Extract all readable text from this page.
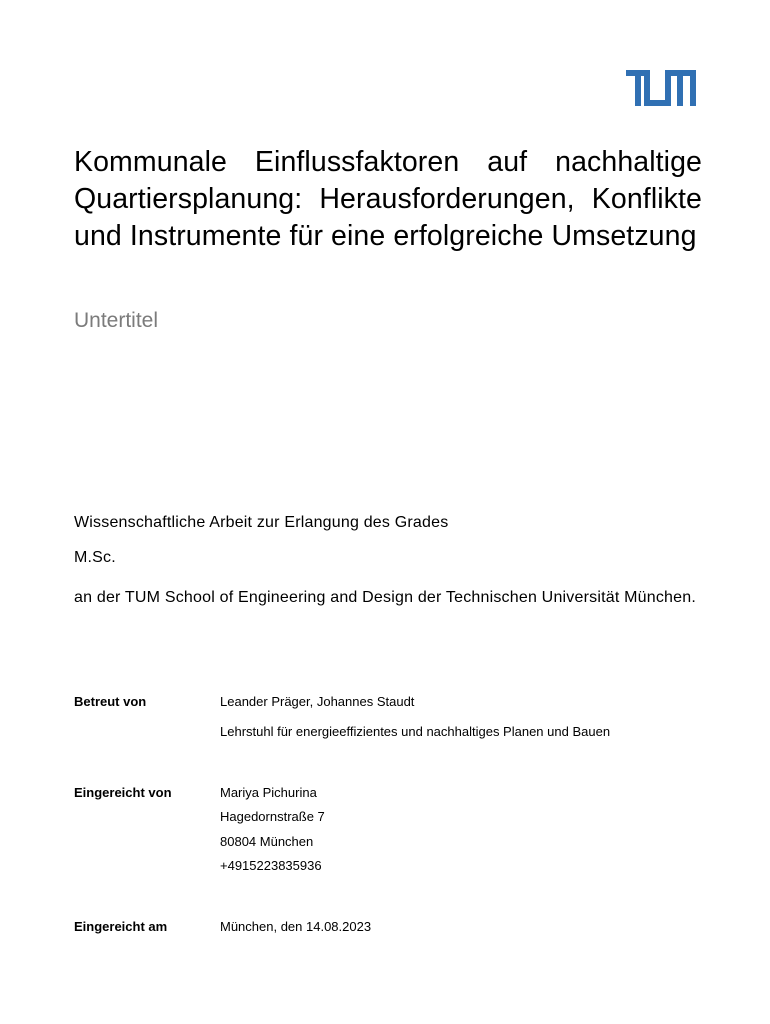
Kommunale Einflussfaktoren auf nachhaltige Quartiersplanung: Herausforderungen, Konflikte und Instrumente für eine erfolgreiche Umsetzung
Untertitel
Wissenschaftliche Arbeit zur Erlangung des Grades
M.Sc.
an der TUM School of Engineering and Design der Technischen Universität München.
Betreut von	Leander Präger, Johannes Staudt
Lehrstuhl für energieeffizientes und nachhaltiges Planen und Bauen
Eingereicht von	Mariya Pichurina
Hagedornstraße 7
80804 München
+4915223835936
Eingereicht am	München, den 14.08.2023
